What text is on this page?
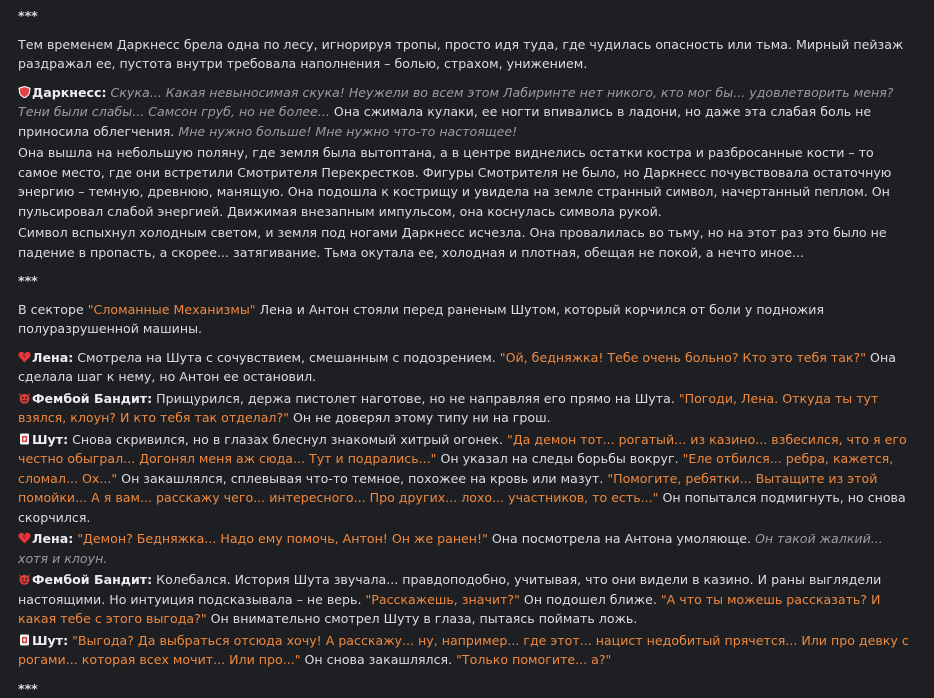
***

Тем временем Даркнесс брела одна по лесу, игнорируя тропы, просто идя туда, где чудилась опасность или тьма. Мирный пейзаж раздражал ее, пустота внутри требовала наполнения – болью, страхом, унижением.

Даркнесс: Скука... Какая невыносимая скука! Неужели во всем этом Лабиринте нет никого, кто мог бы... удовлетворить меня? Тени были слабы... Самсон груб, но не более... Она сжимала кулаки, ее ногти впивались в ладони, но даже эта слабая боль не приносила облегчения. Мне нужно больше! Мне нужно что-то настоящее!

Она вышла на небольшую поляну, где земля была вытоптана, а в центре виднелись остатки костра и разбросанные кости – то самое место, где они встретили Смотрителя Перекрестков. Фигуры Смотрителя не было, но Даркнесс почувствовала остаточную энергию – темную, древнюю, манящую. Она подошла к кострищу и увидела на земле странный символ, начертанный пеплом. Он пульсировал слабой энергией. Движимая внезапным импульсом, она коснулась символа рукой.

Символ вспыхнул холодным светом, и земля под ногами Даркнесс исчезла. Она провалилась во тьму, но на этот раз это было не падение в пропасть, а скорее... затягивание. Тьма окутала ее, холодная и плотная, обещая не покой, а нечто иное...

***

В секторе "Сломанные Механизмы" Лена и Антон стояли перед раненым Шутом, который корчился от боли у подножия полуразрушенной машины.

Лена: Смотрела на Шута с сочувствием, смешанным с подозрением. "Ой, бедняжка! Тебе очень больно? Кто это тебя так?" Она сделала шаг к нему, но Антон ее остановил.

Фембой Бандит: Прищурился, держа пистолет наготове, но не направляя его прямо на Шута. "Погоди, Лена. Откуда ты тут взялся, клоун? И кто тебя так отделал?" Он не доверял этому типу ни на грош.

Шут: Снова скривился, но в глазах блеснул знакомый хитрый огонек. "Да демон тот... рогатый... из казино... взбесился, что я его честно обыграл... Догонял меня аж сюда... Тут и подрались..." Он указал на следы борьбы вокруг. "Еле отбился... ребра, кажется, сломал... Ох..." Он закашлялся, сплевывая что-то темное, похожее на кровь или мазут. "Помогите, ребятки... Вытащите из этой помойки... А я вам... расскажу чего... интересного... Про других... лохо... участников, то есть..." Он попытался подмигнуть, но снова скорчился.

Лена: "Демон? Бедняжка... Надо ему помочь, Антон! Он же ранен!" Она посмотрела на Антона умоляюще. Он такой жалкий... хотя и клоун.

Фембой Бандит: Колебался. История Шута звучала... правдоподобно, учитывая, что они видели в казино. И раны выглядели настоящими. Но интуиция подсказывала – не верь. "Расскажешь, значит?" Он подошел ближе. "А что ты можешь рассказать? И какая тебе с этого выгода?" Он внимательно смотрел Шуту в глаза, пытаясь поймать ложь.

Шут: "Выгода? Да выбраться отсюда хочу! А расскажу... ну, например... где этот... нацист недобитый прячется... Или про девку с рогами... которая всех мочит... Или про..." Он снова закашлялся. "Только помогите... а?"

***
